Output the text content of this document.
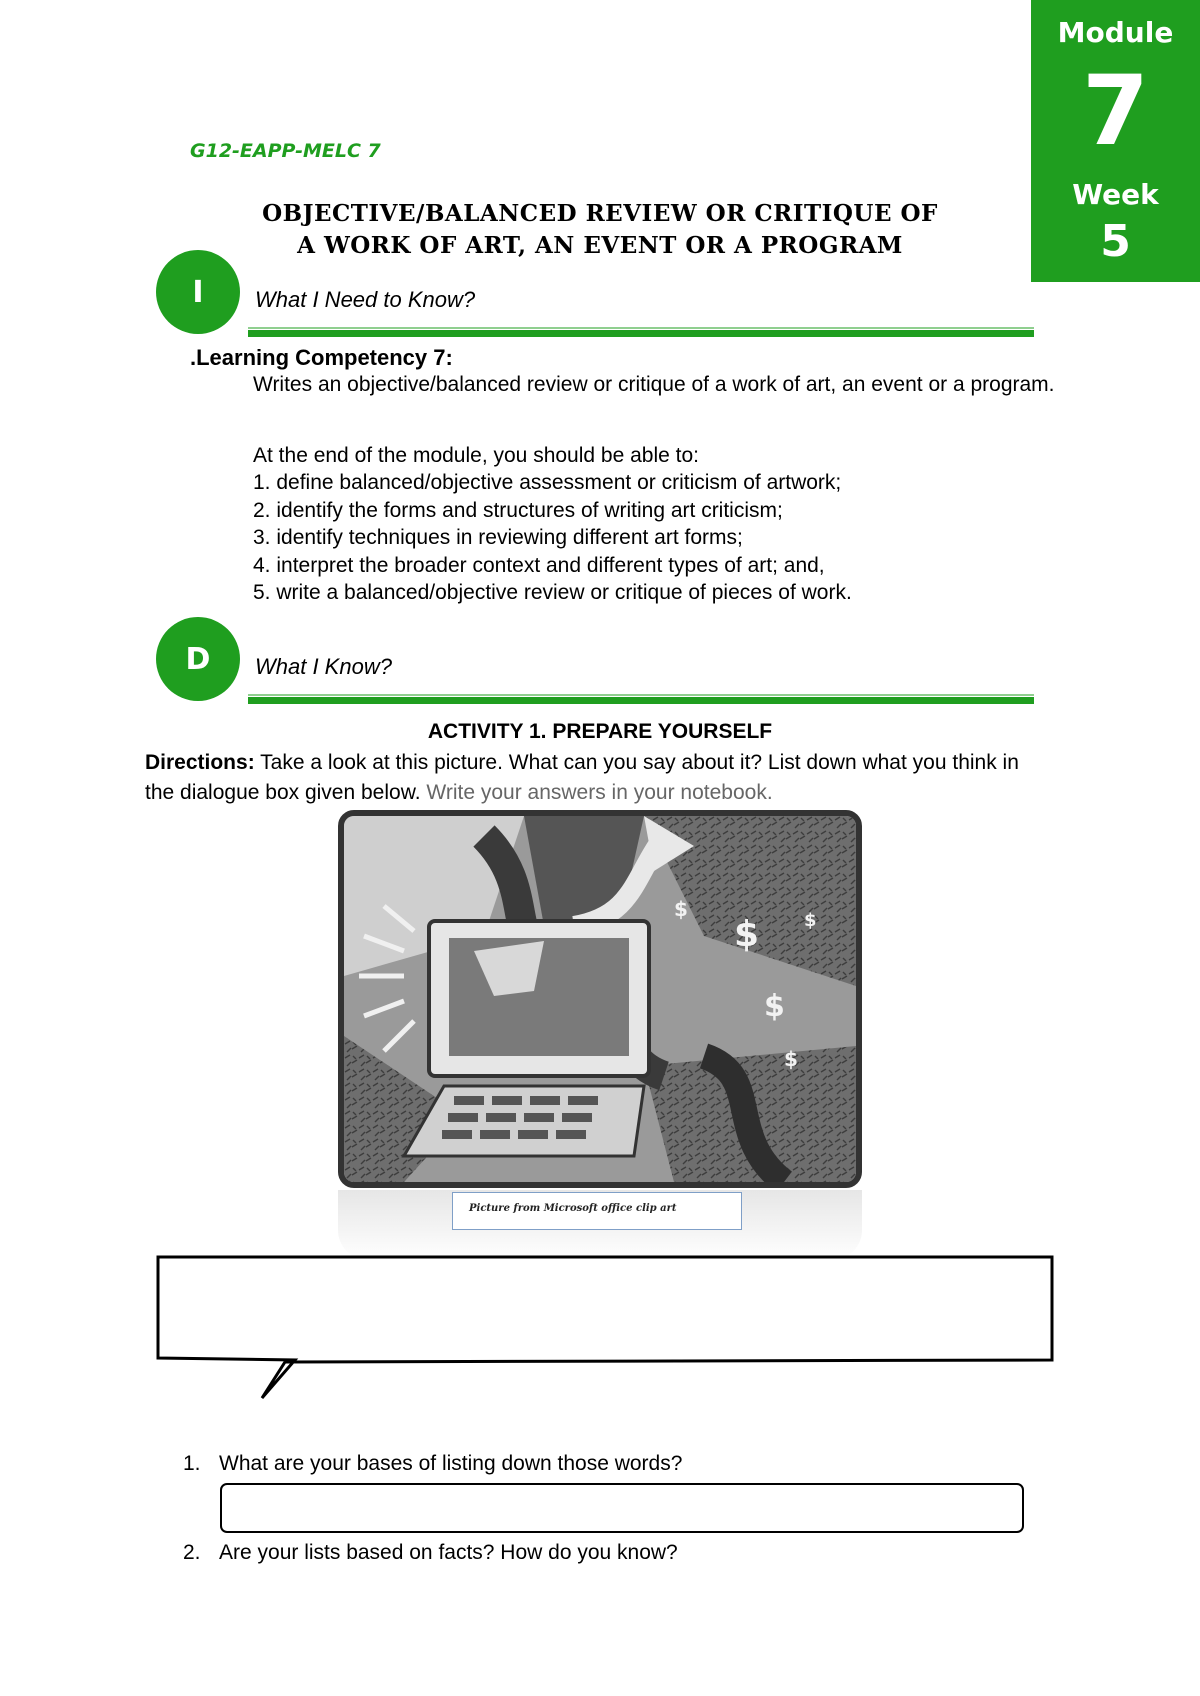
Module
7
Week
5
G12-EAPP-MELC 7
OBJECTIVE/BALANCED REVIEW OR CRITIQUE OF
A WORK OF ART, AN EVENT OR A PROGRAM
I What I Need to Know?
.Learning Competency 7:
Writes an objective/balanced review or critique of a work of art, an event or a program.
At the end of the module, you should be able to:
1. define balanced/objective assessment or criticism of artwork;
2. identify the forms and structures of writing art criticism;
3. identify techniques in reviewing different art forms;
4. interpret the broader context and different types of art; and,
5. write a balanced/objective review or critique of pieces of work.
D What I Know?
ACTIVITY 1. PREPARE YOURSELF
Directions: Take a look at this picture. What can you say about it? List down what you think in the dialogue box given below. Write your answers in your notebook.
$
$
$	$
$
Picture from Microsoft office clip art
1. What are your bases of listing down those words?
2. Are your lists based on facts? How do you know?
